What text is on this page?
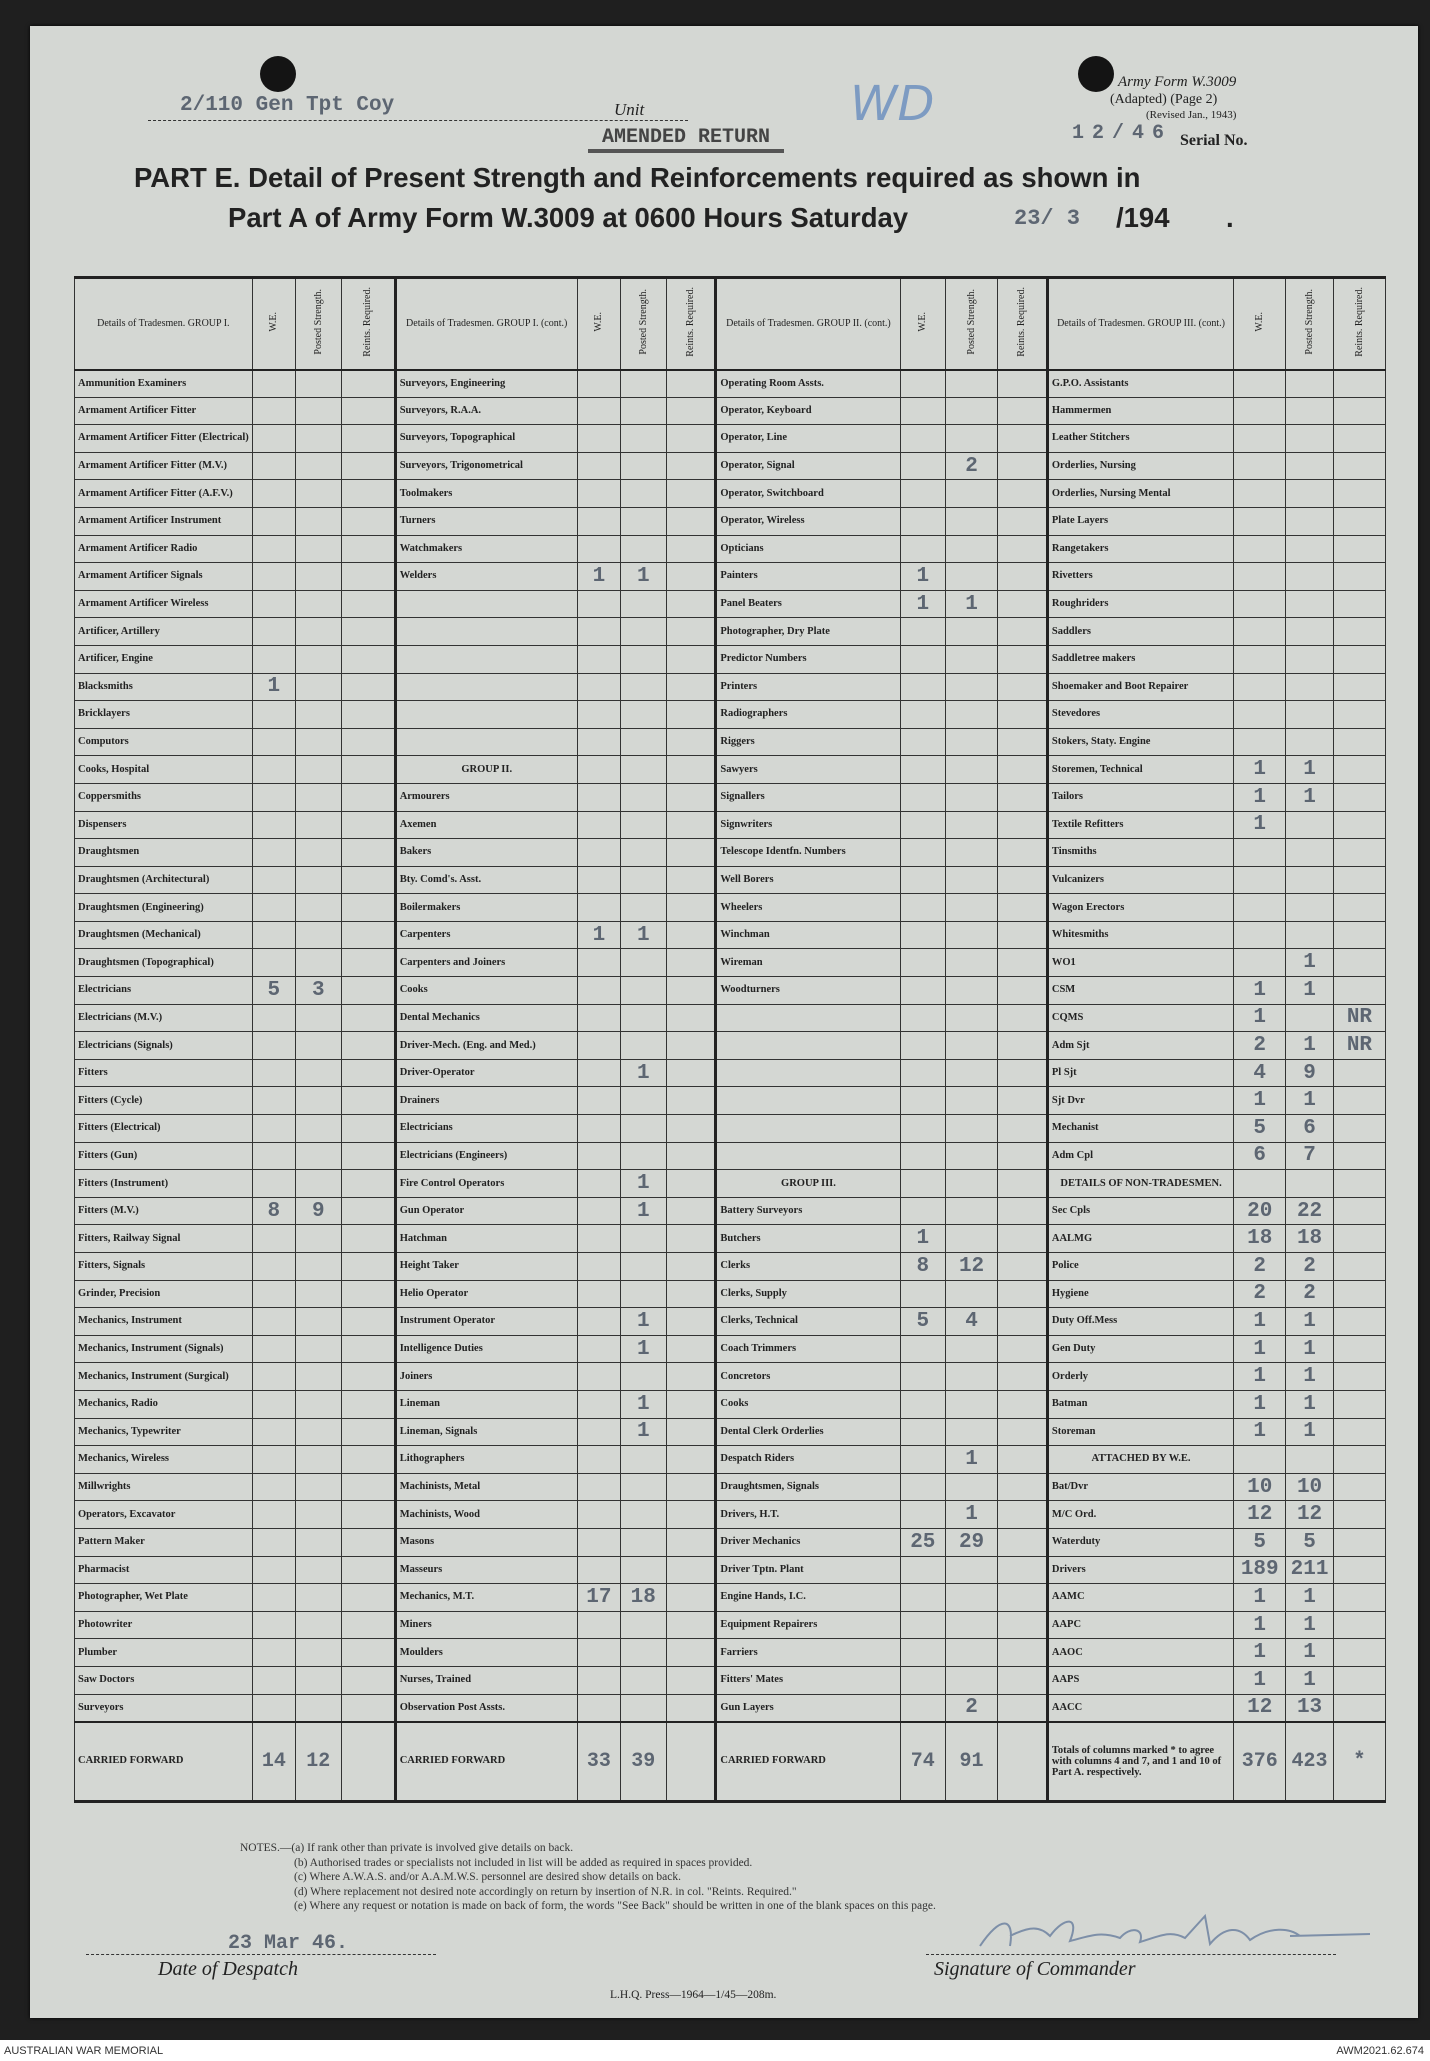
2/110 Gen Tpt Coy	Unit	WD
AMENDED RETURN
Army Form W.3009
(Adapted) (Page 2)
(Revised Jan., 1943)
12/46 Serial No.
PART E. Detail of Present Strength and Reinforcements required as shown in
Part A of Army Form W.3009 at 0600 Hours Saturday	23/ 3 /194 .
Details of Tradesmen. GROUP I.	W.E.	Posted Strength.	Reints. Required.	Details of Tradesmen. GROUP I. (cont.)	W.E.	Posted Strength.	Reints. Required.	Details of Tradesmen. GROUP II. (cont.)	W.E.	Posted Strength.	Reints. Required.	Details of Tradesmen. GROUP III. (cont.)	W.E.	Posted Strength.	Reints. Required.
Ammunition Examiners				Surveyors, Engineering				Operating Room Assts.				G.P.O. Assistants			
Armament Artificer Fitter				Surveyors, R.A.A.				Operator, Keyboard				Hammermen			
Armament Artificer Fitter (Electrical)				Surveyors, Topographical				Operator, Line				Leather Stitchers			
Armament Artificer Fitter (M.V.)				Surveyors, Trigonometrical				Operator, Signal		2		Orderlies, Nursing			
Armament Artificer Fitter (A.F.V.)				Toolmakers				Operator, Switchboard				Orderlies, Nursing Mental			
Armament Artificer Instrument				Turners				Operator, Wireless				Plate Layers			
Armament Artificer Radio				Watchmakers				Opticians				Rangetakers			
Armament Artificer Signals				Welders	1	1		Painters	1			Rivetters			
Armament Artificer Wireless								Panel Beaters	1	1		Roughriders			
Artificer, Artillery								Photographer, Dry Plate				Saddlers			
Artificer, Engine								Predictor Numbers				Saddletree makers			
Blacksmiths	1							Printers				Shoemaker and Boot Repairer			
Bricklayers								Radiographers				Stevedores			
Computors								Riggers				Stokers, Staty. Engine			
Cooks, Hospital				GROUP II.				Sawyers				Storemen, Technical	1	1	
Coppersmiths				Armourers				Signallers				Tailors	1	1	
Dispensers				Axemen				Signwriters				Textile Refitters	1		
Draughtsmen				Bakers				Telescope Identfn. Numbers				Tinsmiths			
Draughtsmen (Architectural)				Bty. Comd's. Asst.				Well Borers				Vulcanizers			
Draughtsmen (Engineering)				Boilermakers				Wheelers				Wagon Erectors			
Draughtsmen (Mechanical)				Carpenters	1	1		Winchman				Whitesmiths			
Draughtsmen (Topographical)				Carpenters and Joiners				Wireman				WO1		1	
Electricians	5	3		Cooks				Woodturners				CSM	1	1	
Electricians (M.V.)				Dental Mechanics								CQMS	1		NR
Electricians (Signals)				Driver-Mech. (Eng. and Med.)								Adm Sjt	2	1	NR
Fitters				Driver-Operator		1						Pl Sjt	4	9	
Fitters (Cycle)				Drainers								Sjt Dvr	1	1	
Fitters (Electrical)				Electricians								Mechanist	5	6	
Fitters (Gun)				Electricians (Engineers)								Adm Cpl	6	7	
Fitters (Instrument)				Fire Control Operators		1		GROUP III.				DETAILS OF NON-TRADESMEN.			
Fitters (M.V.)	8	9		Gun Operator		1		Battery Surveyors				Sec Cpls	20	22	
Fitters, Railway Signal				Hatchman				Butchers	1			AALMG	18	18	
Fitters, Signals				Height Taker				Clerks	8	12		Police	2	2	
Grinder, Precision				Helio Operator				Clerks, Supply				Hygiene	2	2	
Mechanics, Instrument				Instrument Operator		1		Clerks, Technical	5	4		Duty Off.Mess	1	1	
Mechanics, Instrument (Signals)				Intelligence Duties		1		Coach Trimmers				Gen Duty	1	1	
Mechanics, Instrument (Surgical)				Joiners				Concretors				Orderly	1	1	
Mechanics, Radio				Lineman		1		Cooks				Batman	1	1	
Mechanics, Typewriter				Lineman, Signals		1		Dental Clerk Orderlies				Storeman	1	1	
Mechanics, Wireless				Lithographers				Despatch Riders		1		ATTACHED BY W.E.			
Millwrights				Machinists, Metal				Draughtsmen, Signals				Bat/Dvr	10	10	
Operators, Excavator				Machinists, Wood				Drivers, H.T.		1		M/C Ord.	12	12	
Pattern Maker				Masons				Driver Mechanics	25	29		Waterduty	5	5	
Pharmacist				Masseurs				Driver Tptn. Plant				Drivers	189	211	
Photographer, Wet Plate				Mechanics, M.T.	17	18		Engine Hands, I.C.				AAMC	1	1	
Photowriter				Miners				Equipment Repairers				AAPC	1	1	
Plumber				Moulders				Farriers				AAOC	1	1	
Saw Doctors				Nurses, Trained				Fitters' Mates				AAPS	1	1	
Surveyors				Observation Post Assts.				Gun Layers		2		AACC	12	13	
CARRIED FORWARD	14	12		CARRIED FORWARD	33	39		CARRIED FORWARD	74	91		Totals of columns marked * to agree with columns 4 and 7, and 1 and 10 of Part A. respectively.	376	423	*
NOTES.—(a) If rank other than private is involved give details on back.
(b) Authorised trades or specialists not included in list will be added as required in spaces provided.
(c) Where A.W.A.S. and/or A.A.M.W.S. personnel are desired show details on back.
(d) Where replacement not desired note accordingly on return by insertion of N.R. in col. "Reints. Required."
(e) Where any request or notation is made on back of form, the words "See Back" should be written in one of the blank spaces on this page.
23 Mar 46.
Date of Despatch	Signature of Commander
L.H.Q. Press—1964—1/45—208m.
AUSTRALIAN WAR MEMORIAL	AWM2021.62.674
